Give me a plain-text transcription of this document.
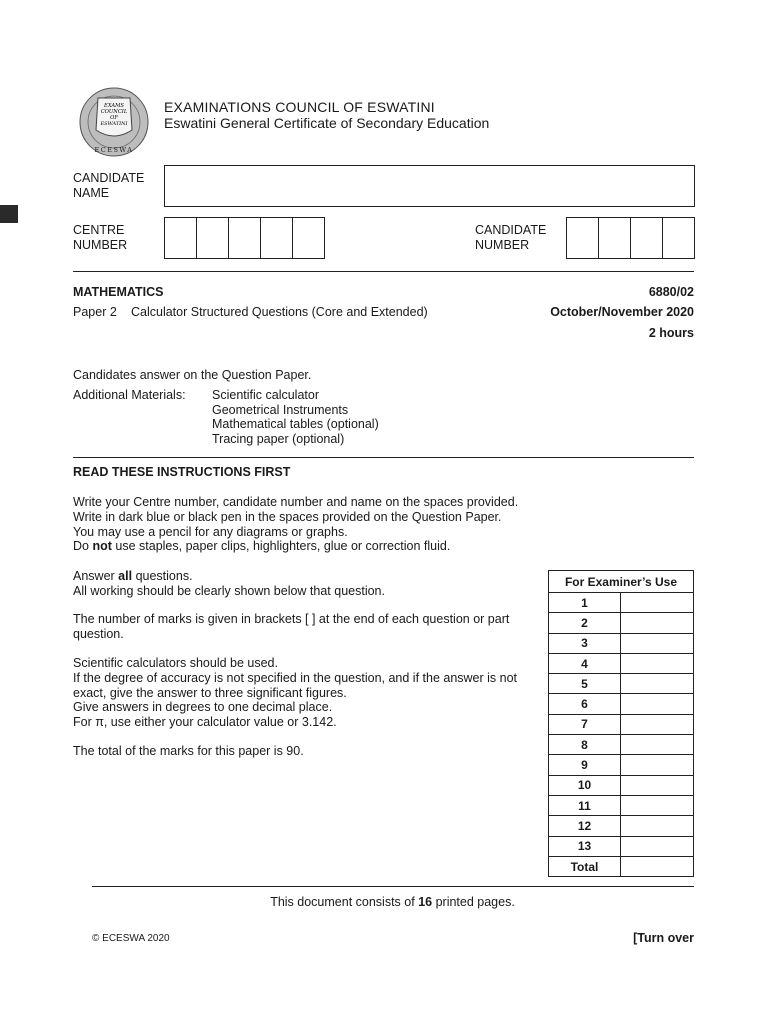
EXAMS
COUNCIL
OF
ESWATINI
ECESWA
EXAMINATIONS COUNCIL OF ESWATINI
Eswatini General Certificate of Secondary Education
CANDIDATE
NAME
CENTRE
NUMBER
CANDIDATE
NUMBER
MATHEMATICS	6880/02
Paper 2 Calculator Structured Questions (Core and Extended)	October/November 2020
2 hours
Candidates answer on the Question Paper.
Additional Materials: Scientific calculator
Geometrical Instruments
Mathematical tables (optional)
Tracing paper (optional)
READ THESE INSTRUCTIONS FIRST
Write your Centre number, candidate number and name on the spaces provided.
Write in dark blue or black pen in the spaces provided on the Question Paper.
You may use a pencil for any diagrams or graphs.
Do not use staples, paper clips, highlighters, glue or correction fluid.
Answer all questions.
All working should be clearly shown below that question.
The number of marks is given in brackets [ ] at the end of each question or part
question.
Scientific calculators should be used.
If the degree of accuracy is not specified in the question, and if the answer is not
exact, give the answer to three significant figures.
Give answers in degrees to one decimal place.
For π, use either your calculator value or 3.142.
The total of the marks for this paper is 90.
For Examiner’s Use	
1	
2	
3	
4	
5	
6	
7	
8	
9	
10	
11	
12	
13	
Total	
This document consists of 16 printed pages.
© ECESWA 2020	[Turn over
